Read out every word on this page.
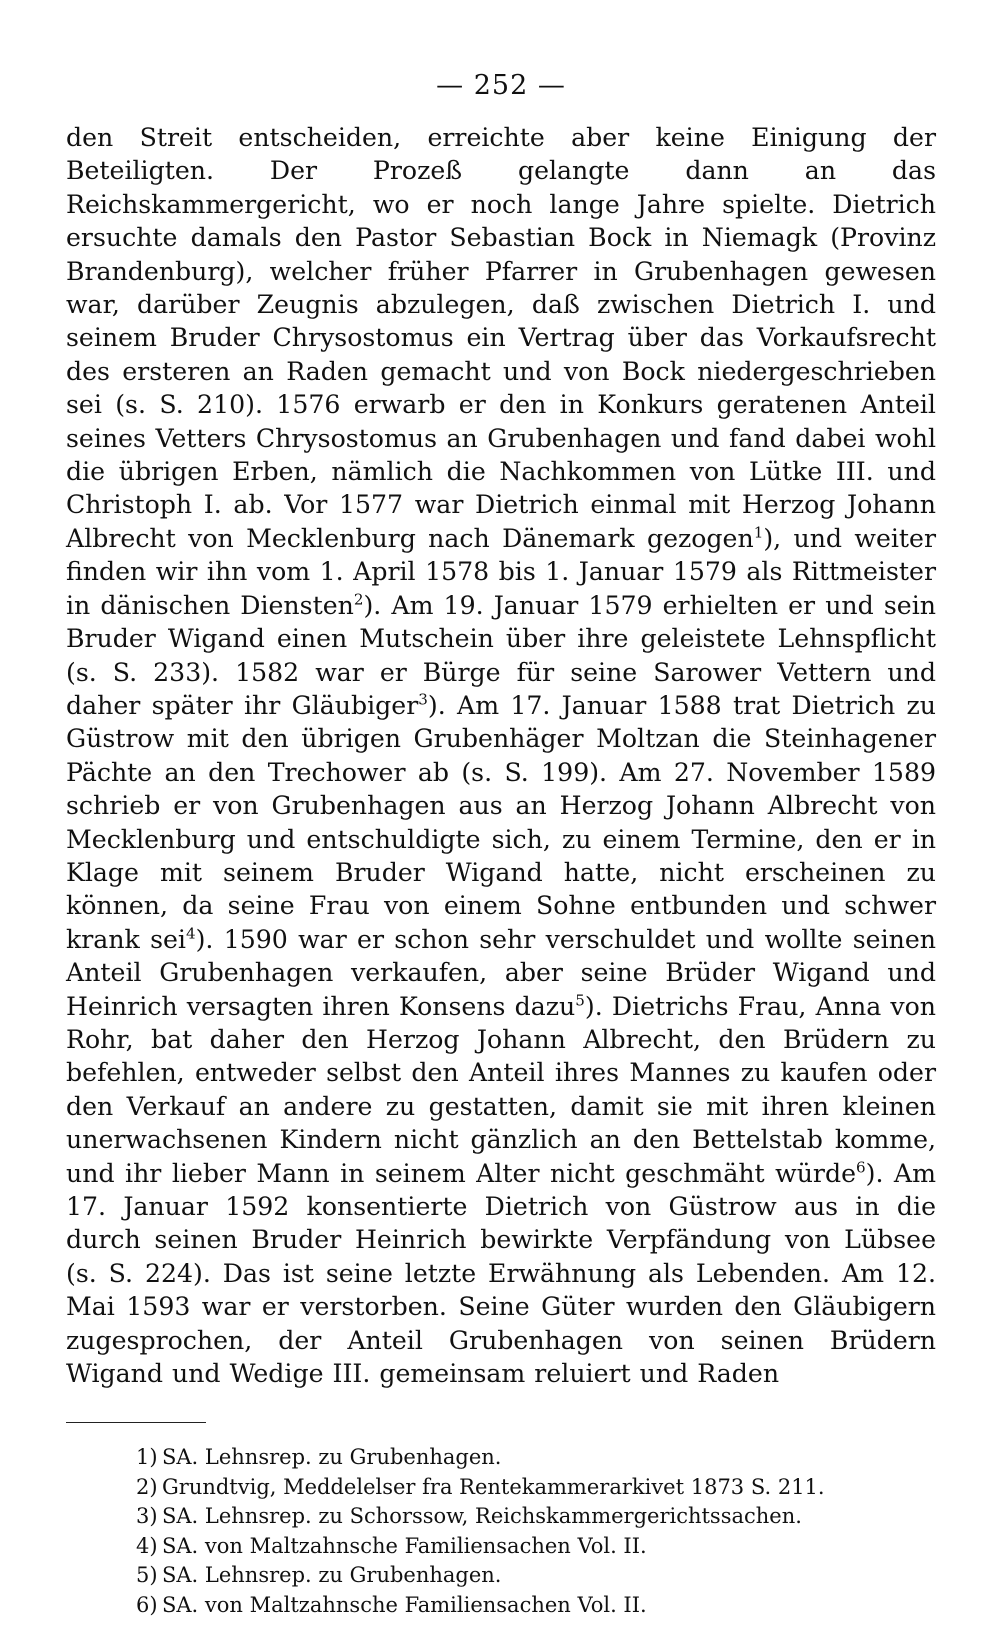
— 252 —

den Streit entscheiden, erreichte aber keine Einigung der Beteiligten. Der Prozeß gelangte dann an das Reichskammergericht, wo er noch lange Jahre spielte. Dietrich ersuchte damals den Pastor Sebastian Bock in Niemagk (Provinz Brandenburg), welcher früher Pfarrer in Grubenhagen gewesen war, darüber Zeugnis abzulegen, daß zwischen Dietrich I. und seinem Bruder Chrysostomus ein Vertrag über das Vorkaufsrecht des ersteren an Raden gemacht und von Bock niedergeschrieben sei (s. S. 210). 1576 erwarb er den in Konkurs geratenen Anteil seines Vetters Chrysostomus an Grubenhagen und fand dabei wohl die übrigen Erben, nämlich die Nachkommen von Lütke III. und Christoph I. ab. Vor 1577 war Dietrich einmal mit Herzog Johann Albrecht von Mecklenburg nach Dänemark gezogen$^1$), und weiter finden wir ihn vom 1. April 1578 bis 1. Januar 1579 als Rittmeister in dänischen Diensten$^2$). Am 19. Januar 1579 erhielten er und sein Bruder Wigand einen Mutschein über ihre geleistete Lehnspflicht (s. S. 233). 1582 war er Bürge für seine Sarower Vettern und daher später ihr Gläubiger$^3$). Am 17. Januar 1588 trat Dietrich zu Güstrow mit den übrigen Grubenhäger Moltzan die Steinhagener Pächte an den Trechower ab (s. S. 199). Am 27. November 1589 schrieb er von Grubenhagen aus an Herzog Johann Albrecht von Mecklenburg und entschuldigte sich, zu einem Termine, den er in Klage mit seinem Bruder Wigand hatte, nicht erscheinen zu können, da seine Frau von einem Sohne entbunden und schwer krank sei$^4$). 1590 war er schon sehr verschuldet und wollte seinen Anteil Grubenhagen verkaufen, aber seine Brüder Wigand und Heinrich versagten ihren Konsens dazu$^5$). Dietrichs Frau, Anna von Rohr, bat daher den Herzog Johann Albrecht, den Brüdern zu befehlen, entweder selbst den Anteil ihres Mannes zu kaufen oder den Verkauf an andere zu gestatten, damit sie mit ihren kleinen unerwachsenen Kindern nicht gänzlich an den Bettelstab komme, und ihr lieber Mann in seinem Alter nicht geschmäht würde$^6$). Am 17. Januar 1592 konsentierte Dietrich von Güstrow aus in die durch seinen Bruder Heinrich bewirkte Verpfändung von Lübsee (s. S. 224). Das ist seine letzte Erwähnung als Lebenden. Am 12. Mai 1593 war er verstorben. Seine Güter wurden den Gläubigern zugesprochen, der Anteil Grubenhagen von seinen Brüdern Wigand und Wedige III. gemeinsam reluiert und Raden

1) SA. Lehnsrep. zu Grubenhagen.
2) Grundtvig, Meddelelser fra Rentekammerarkivet 1873 S. 211.
3) SA. Lehnsrep. zu Schorssow, Reichskammergerichtssachen.
4) SA. von Maltzahnsche Familiensachen Vol. II.
5) SA. Lehnsrep. zu Grubenhagen.
6) SA. von Maltzahnsche Familiensachen Vol. II.
